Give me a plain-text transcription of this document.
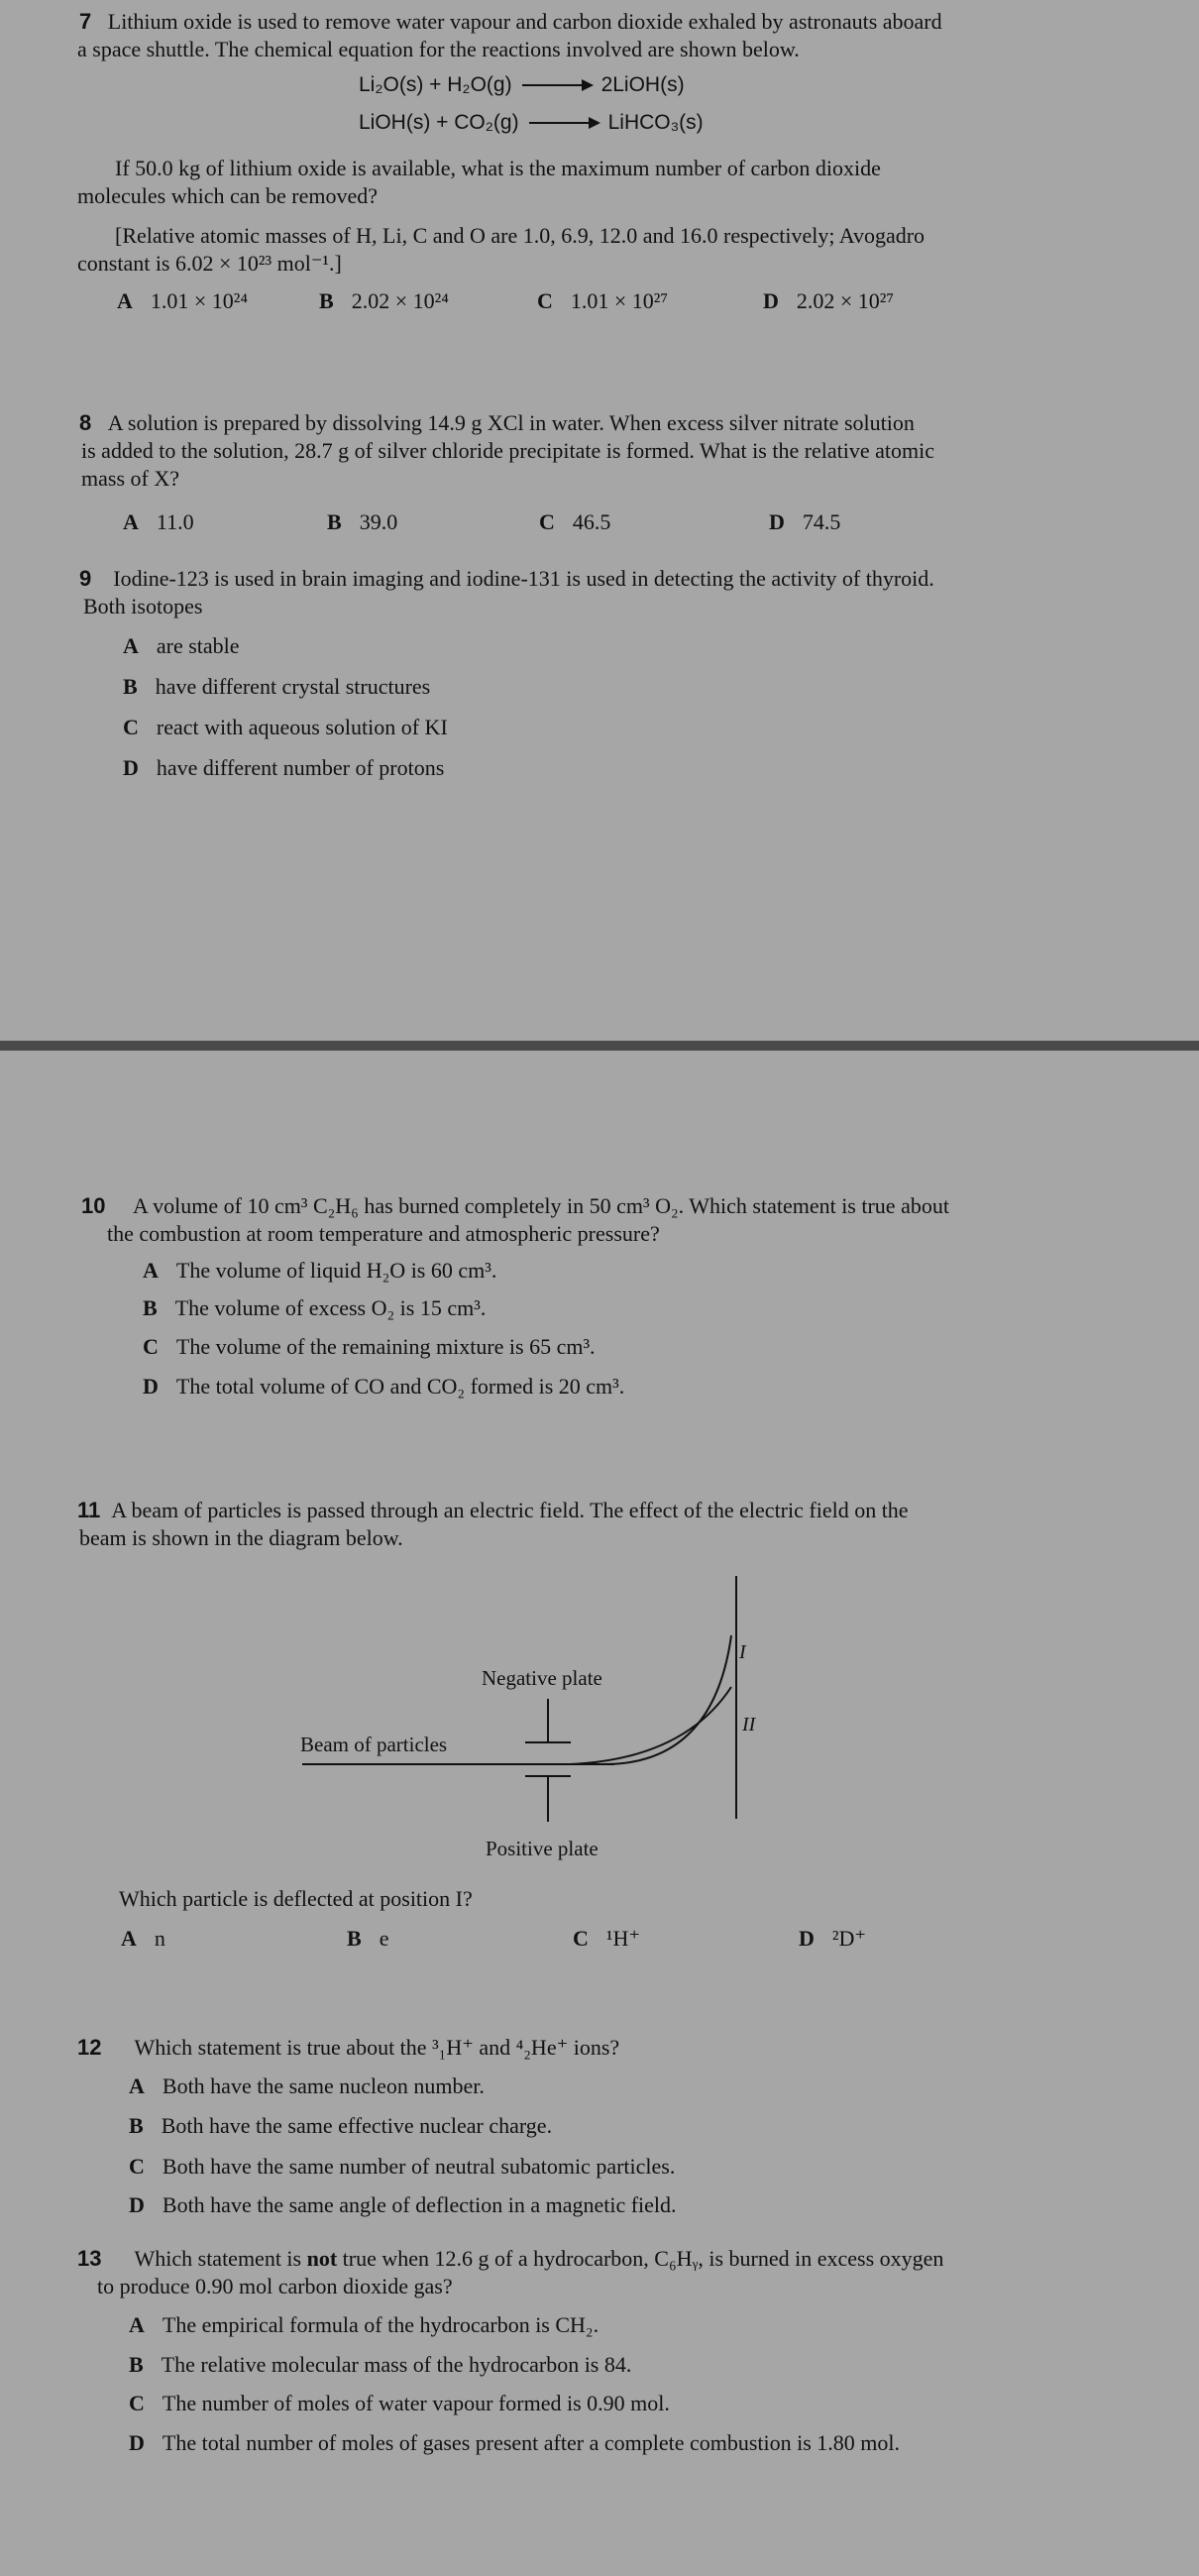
7 Lithium oxide is used to remove water vapour and carbon dioxide exhaled by astronauts aboard
a space shuttle. The chemical equation for the reactions involved are shown below.
Li₂O(s) + H₂O(g) → 2LiOH(s)
LiOH(s) + CO₂(g) → LiHCO₃(s)
If 50.0 kg of lithium oxide is available, what is the maximum number of carbon dioxide
molecules which can be removed?
[Relative atomic masses of H, Li, C and O are 1.0, 6.9, 12.0 and 16.0 respectively; Avogadro
constant is 6.02 × 10²³ mol⁻¹.]
A 1.01 × 10²⁴	B 2.02 × 10²⁴	C 1.01 × 10²⁷	D 2.02 × 10²⁷
8 A solution is prepared by dissolving 14.9 g XCl in water. When excess silver nitrate solution
is added to the solution, 28.7 g of silver chloride precipitate is formed. What is the relative atomic
mass of X?
A 11.0	B 39.0	C 46.5	D 74.5
9 Iodine-123 is used in brain imaging and iodine-131 is used in detecting the activity of thyroid.
Both isotopes
A are stable
B have different crystal structures
C react with aqueous solution of KI
D have different number of protons
10 A volume of 10 cm³ C₂H₆ has burned completely in 50 cm³ O₂. Which statement is true about
the combustion at room temperature and atmospheric pressure?
A The volume of liquid H₂O is 60 cm³.
B The volume of excess O₂ is 15 cm³.
C The volume of the remaining mixture is 65 cm³.
D The total volume of CO and CO₂ formed is 20 cm³.
11 A beam of particles is passed through an electric field. The effect of the electric field on the
beam is shown in the diagram below.
Negative plate
Positive plate
Beam of particles
I
II
Which particle is deflected at position I?
A n	B e	C ¹H⁺	D ²D⁺
12 Which statement is true about the ³₁H⁺ and ⁴₂He⁺ ions?
A Both have the same nucleon number.
B Both have the same effective nuclear charge.
C Both have the same number of neutral subatomic particles.
D Both have the same angle of deflection in a magnetic field.
13 Which statement is not true when 12.6 g of a hydrocarbon, C₆Hᵧ, is burned in excess oxygen
to produce 0.90 mol carbon dioxide gas?
A The empirical formula of the hydrocarbon is CH₂.
B The relative molecular mass of the hydrocarbon is 84.
C The number of moles of water vapour formed is 0.90 mol.
D The total number of moles of gases present after a complete combustion is 1.80 mol.
